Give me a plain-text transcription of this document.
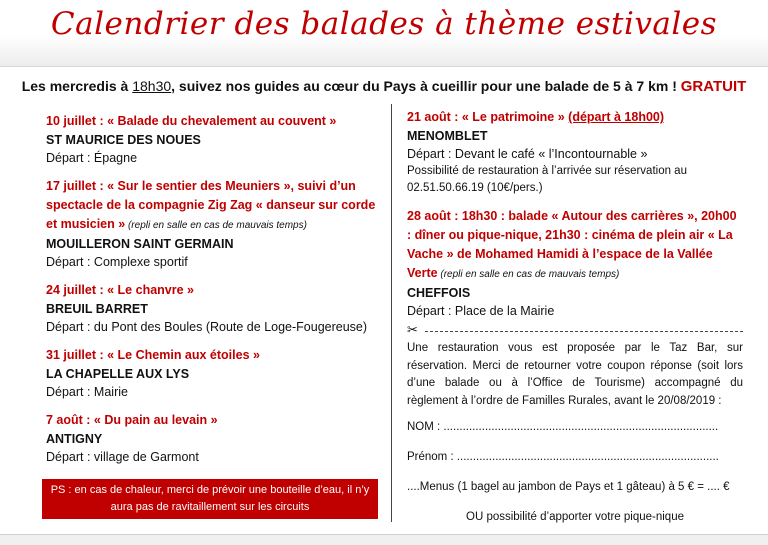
Calendrier des balades à thème estivales
Les mercredis à 18h30, suivez nos guides au cœur du Pays à cueillir pour une balade de 5 à 7 km ! GRATUIT
10 juillet : « Balade du chevalement au couvent »
ST MAURICE DES NOUES
Départ : Épagne
17 juillet : « Sur le sentier des Meuniers », suivi d’un spectacle de la compagnie Zig Zag « danseur sur corde et musicien » (repli en salle en cas de mauvais temps)
MOUILLERON SAINT GERMAIN
Départ : Complexe sportif
24 juillet : « Le chanvre »
BREUIL BARRET
Départ : du Pont des Boules (Route de Loge-Fougereuse)
31 juillet : « Le Chemin aux étoiles »
LA CHAPELLE AUX LYS
Départ : Mairie
7 août : « Du pain au levain »
ANTIGNY
Départ : village de Garmont
PS : en cas de chaleur, merci de prévoir une bouteille d’eau, il n’y aura pas de ravitaillement sur les circuits
21 août : « Le patrimoine » (départ à 18h00)
MENOMBLET
Départ : Devant le café « l’Incontournable »
Possibilité de restauration à l’arrivée sur réservation au 02.51.50.66.19 (10€/pers.)
28 août : 18h30 : balade « Autour des carrières », 20h00 : dîner ou pique-nique, 21h30 : cinéma de plein air « La Vache » de Mohamed Hamidi à l’espace de la Vallée Verte (repli en salle en cas de mauvais temps)
CHEFFOIS
Départ : Place de la Mairie
✂
Une restauration vous est proposée par le Taz Bar, sur réservation. Merci de retourner votre coupon réponse (soit lors d’une balade ou à l’Office de Tourisme) accompagné du règlement à l’ordre de Familles Rurales, avant le 20/08/2019 :
NOM : ......................................................................................
Prénom : ..................................................................................
....Menus (1 bagel au jambon de Pays et 1 gâteau) à 5 € = .... €
OU possibilité d’apporter votre pique-nique
